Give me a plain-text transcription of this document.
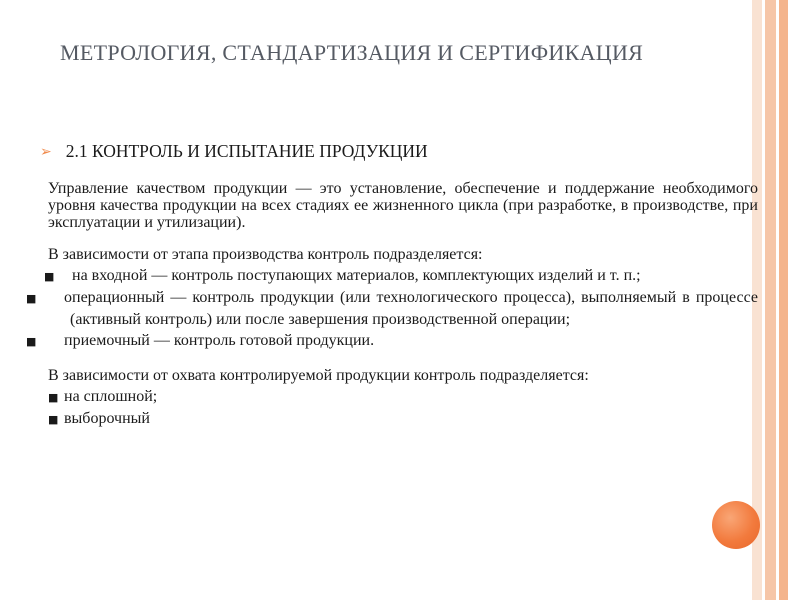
МЕТРОЛОГИЯ, СТАНДАРТИЗАЦИЯ И СЕРТИФИКАЦИЯ
➢ 2.1 КОНТРОЛЬ И ИСПЫТАНИЕ ПРОДУКЦИИ

Управление качеством продукции — это установление, обеспечение и поддержание необходимого уровня качества продукции на всех стадиях ее жизненного цикла (при разработке, в производстве, при эксплуатации и утилизации).

В зависимости от этапа производства контроль подразделяется:

■ на входной — контроль поступающих материалов, комплектующих изделий и т. п.;

■ операционный — контроль продукции (или технологического процесса), выполняемый в процессе (активный контроль) или после завершения производственной операции;

■ приемочный — контроль готовой продукции.

В зависимости от охвата контролируемой продукции контроль подразделяется:

■ на сплошной;

■ выборочный
